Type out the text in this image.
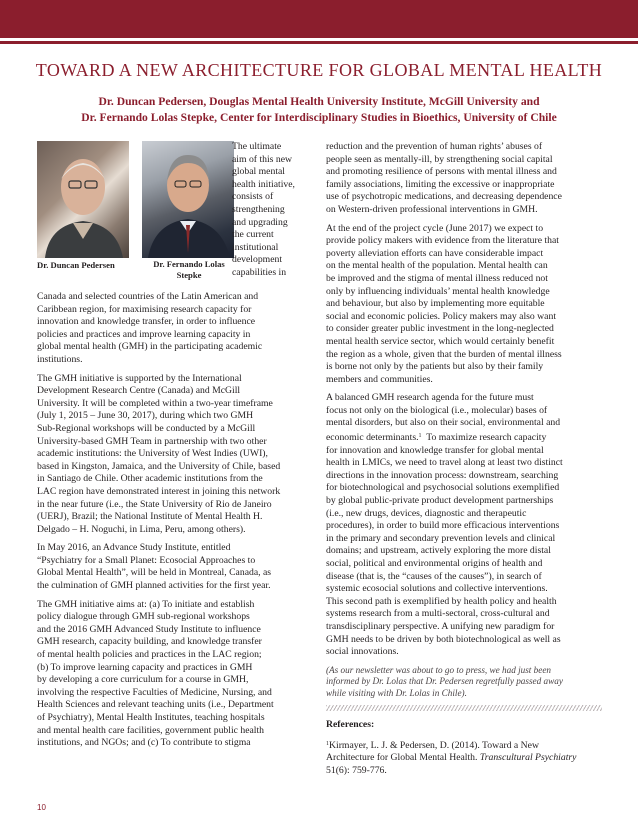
TOWARD A NEW ARCHITECTURE FOR GLOBAL MENTAL HEALTH
Dr. Duncan Pedersen, Douglas Mental Health University Institute, McGill University and
Dr. Fernando Lolas Stepke, Center for Interdisciplinary Studies in Bioethics, University of Chile
Dr. Duncan Pedersen	Dr. Fernando Lolas
Stepke
The ultimate
aim of this new
global mental
health initiative,
consists of
strengthening
and upgrading
the current
institutional
development
capabilities in

Canada and selected countries of the Latin American and
Caribbean region, for maximising research capacity for
innovation and knowledge transfer, in order to influence
policies and practices and improve learning capacity in
global mental health (GMH) in the participating academic
institutions.

The GMH initiative is supported by the International
Development Research Centre (Canada) and McGill
University. It will be completed within a two-year timeframe
(July 1, 2015 – June 30, 2017), during which two GMH
Sub-Regional workshops will be conducted by a McGill
University-based GMH Team in partnership with two other
academic institutions: the University of West Indies (UWI),
based in Kingston, Jamaica, and the University of Chile, based
in Santiago de Chile. Other academic institutions from the
LAC region have demonstrated interest in joining this network
in the near future (i.e., the State University of Rio de Janeiro
(UERJ), Brazil; the National Institute of Mental Health H.
Delgado – H. Noguchi, in Lima, Peru, among others).

In May 2016, an Advance Study Institute, entitled
“Psychiatry for a Small Planet: Ecosocial Approaches to
Global Mental Health”, will be held in Montreal, Canada, as
the culmination of GMH planned activities for the first year.

The GMH initiative aims at: (a) To initiate and establish
policy dialogue through GMH sub-regional workshops
and the 2016 GMH Advanced Study Institute to influence
GMH research, capacity building, and knowledge transfer
of mental health policies and practices in the LAC region;
(b) To improve learning capacity and practices in GMH
by developing a core curriculum for a course in GMH,
involving the respective Faculties of Medicine, Nursing, and
Health Sciences and relevant teaching units (i.e., Department
of Psychiatry), Mental Health Institutes, teaching hospitals
and mental health care facilities, government public health
institutions, and NGOs; and (c) To contribute to stigma

reduction and the prevention of human rights’ abuses of
people seen as mentally-ill, by strengthening social capital
and promoting resilience of persons with mental illness and
family associations, limiting the excessive or inappropriate
use of psychotropic medications, and decreasing dependence
on Western-driven professional interventions in GMH.

At the end of the project cycle (June 2017) we expect to
provide policy makers with evidence from the literature that
poverty alleviation efforts can have considerable impact
on the mental health of the population. Mental health can
be improved and the stigma of mental illness reduced not
only by influencing individuals’ mental health knowledge
and behaviour, but also by implementing more equitable
social and economic policies. Policy makers may also want
to consider greater public investment in the long-neglected
mental health service sector, which would certainly benefit
the region as a whole, given that the burden of mental illness
is borne not only by the patients but also by their family
members and communities.

A balanced GMH research agenda for the future must
focus not only on the biological (i.e., molecular) bases of
mental disorders, but also on their social, environmental and
economic determinants.$^1$  To maximize research capacity
for innovation and knowledge transfer for global mental
health in LMICs, we need to travel along at least two distinct
directions in the innovation process: downstream, searching
for biotechnological and psychosocial solutions exemplified
by global public-private product development partnerships
(i.e., new drugs, devices, diagnostic and therapeutic
procedures), in order to build more efficacious interventions
in the primary and secondary prevention levels and clinical
domains; and upstream, actively exploring the more distal
social, political and environmental origins of health and
disease (that is, the “causes of the causes”), in search of
systemic ecosocial solutions and collective interventions.
This second path is exemplified by health policy and health
systems research from a multi-sectoral, cross-cultural and
transdisciplinary perspective. A unifying new paradigm for
GMH needs to be driven by both biotechnological as well as
social innovations.

(As our newsletter was about to go to press, we had just been
informed by Dr. Lolas that Dr. Pedersen regretfully passed away
while visiting with Dr. Lolas in Chile).

References:

$^1$Kirmayer, L. J. & Pedersen, D. (2014). Toward a New
Architecture for Global Mental Health. Transcultural Psychiatry
51(6): 759-776.

10
